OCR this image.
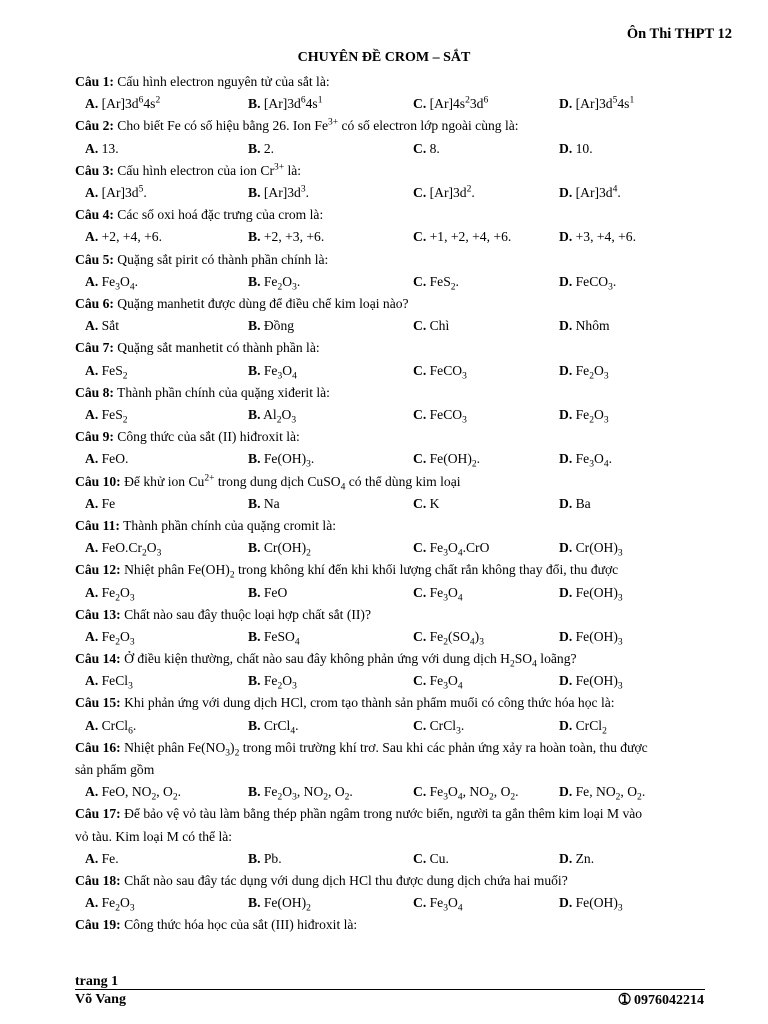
Ôn Thi THPT 12
CHUYÊN ĐỀ CROM – SẮT
Câu 1: Cấu hình electron nguyên tử của sắt là:
A. $[Ar]3d^64s^2$	B. $[Ar]3d^64s^1$	C. $[Ar]4s^23d^6$	D. $[Ar]3d^54s^1$
Câu 2: Cho biết Fe có số hiệu bằng 26. Ion $Fe^{3+}$ có số electron lớp ngoài cùng là:
A. 13.	B. 2.	C. 8.	D. 10.
Câu 3: Cấu hình electron của ion $Cr^{3+}$ là:
A. $[Ar]3d^5$.	B. $[Ar]3d^3$.	C. $[Ar]3d^2$.	D. $[Ar]3d^4$.
Câu 4: Các số oxi hoá đặc trưng của crom là:
A. +2, +4, +6.	B. +2, +3, +6.	C. +1, +2, +4, +6.	D. +3, +4, +6.
Câu 5: Quặng sắt pirit có thành phần chính là:
A. $Fe_3O_4$.	B. $Fe_2O_3$.	C. FeS$_2$.	D. FeCO$_3$.
Câu 6: Quặng manhetit được dùng để điều chế kim loại nào?
A. Sắt	B. Đồng	C. Chì	D. Nhôm
Câu 7: Quặng sắt manhetit có thành phần là:
A. FeS$_2$	B. $Fe_3O_4$	C. FeCO$_3$	D. $Fe_2O_3$
Câu 8: Thành phần chính của quặng xiđerit là:
A. FeS$_2$	B. $Al_2O_3$	C. FeCO$_3$	D. $Fe_2O_3$
Câu 9: Công thức của sắt (II) hiđroxit là:
A. FeO.	B. $Fe(OH)_3$.	C. $Fe(OH)_2$.	D. $Fe_3O_4$.
Câu 10: Để khử ion $Cu^{2+}$ trong dung dịch CuSO$_4$ có thể dùng kim loại
A. Fe	B. Na	C. K	D. Ba
Câu 11: Thành phần chính của quặng cromit là:
A. $FeO.Cr_2O_3$	B. $Cr(OH)_2$	C. $Fe_3O_4.CrO$	D. $Cr(OH)_3$
Câu 12: Nhiệt phân $Fe(OH)_2$ trong không khí đến khi khối lượng chất rắn không thay đổi, thu được
A. $Fe_2O_3$	B. FeO	C. $Fe_3O_4$	D. $Fe(OH)_3$
Câu 13: Chất nào sau đây thuộc loại hợp chất sắt (II)?
A. $Fe_2O_3$	B. FeSO$_4$	C. $Fe_2(SO_4)_3$	D. $Fe(OH)_3$
Câu 14: Ở điều kiện thường, chất nào sau đây không phản ứng với dung dịch $H_2SO_4$ loãng?
A. FeCl$_3$	B. $Fe_2O_3$	C. $Fe_3O_4$	D. $Fe(OH)_3$
Câu 15: Khi phản ứng với dung dịch HCl, crom tạo thành sản phẩm muối có công thức hóa học là:
A. CrCl$_6$.	B. CrCl$_4$.	C. CrCl$_3$.	D. CrCl$_2$
Câu 16: Nhiệt phân $Fe(NO_3)_2$ trong môi trường khí trơ. Sau khi các phản ứng xảy ra hoàn toàn, thu được
sản phẩm gồm
A. FeO, $NO_2$, $O_2$.	B. $Fe_2O_3$, $NO_2$, $O_2$.	C. $Fe_3O_4$, $NO_2$, $O_2$.	D. Fe, $NO_2$, $O_2$.
Câu 17: Để bảo vệ vỏ tàu làm bằng thép phần ngâm trong nước biển, người ta gắn thêm kim loại M vào
vỏ tàu. Kim loại M có thể là:
A. Fe.	B. Pb.	C. Cu.	D. Zn.
Câu 18: Chất nào sau đây tác dụng với dung dịch HCl thu được dung dịch chứa hai muối?
A. $Fe_2O_3$	B. $Fe(OH)_2$	C. $Fe_3O_4$	D. $Fe(OH)_3$
Câu 19: Công thức hóa học của sắt (III) hiđroxit là:
trang 1
Võ Vang	➀ 0976042214
